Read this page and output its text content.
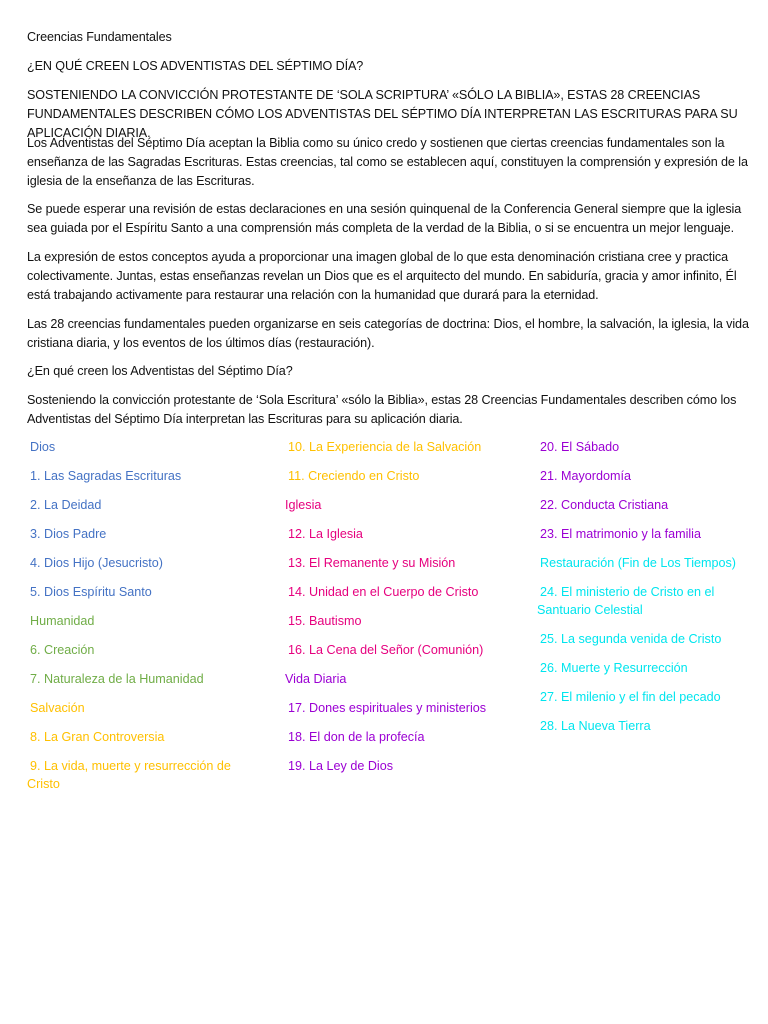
Creencias Fundamentales

¿EN QUÉ CREEN LOS ADVENTISTAS DEL SÉPTIMO DÍA?

SOSTENIENDO LA CONVICCIÓN PROTESTANTE DE ‘SOLA SCRIPTURA’ «SÓLO LA BIBLIA», ESTAS 28 CREENCIAS FUNDAMENTALES DESCRIBEN CÓMO LOS ADVENTISTAS DEL SÉPTIMO DÍA INTERPRETAN LAS ESCRITURAS PARA SU APLICACIÓN DIARIA.

Los Adventistas del Séptimo Día aceptan la Biblia como su único credo y sostienen que ciertas creencias fundamentales son la enseñanza de las Sagradas Escrituras. Estas creencias, tal como se establecen aquí, constituyen la comprensión y expresión de la iglesia de la enseñanza de las Escrituras.

Se puede esperar una revisión de estas declaraciones en una sesión quinquenal de la Conferencia General siempre que la iglesia sea guiada por el Espíritu Santo a una comprensión más completa de la verdad de la Biblia, o si se encuentra un mejor lenguaje.

La expresión de estos conceptos ayuda a proporcionar una imagen global de lo que esta denominación cristiana cree y practica colectivamente. Juntas, estas enseñanzas revelan un Dios que es el arquitecto del mundo. En sabiduría, gracia y amor infinito, Él está trabajando activamente para restaurar una relación con la humanidad que durará para la eternidad.

Las 28 creencias fundamentales pueden organizarse en seis categorías de doctrina: Dios, el hombre, la salvación, la iglesia, la vida cristiana diaria, y los eventos de los últimos días (restauración).

¿En qué creen los Adventistas del Séptimo Día?

Sosteniendo la convicción protestante de ‘Sola Escritura’ «sólo la Biblia», estas 28 Creencias Fundamentales describen cómo los Adventistas del Séptimo Día interpretan las Escrituras para su aplicación diaria.

Dios
1. Las Sagradas Escrituras
2. La Deidad
3. Dios Padre
4. Dios Hijo (Jesucristo)
5. Dios Espíritu Santo
Humanidad
6. Creación
7. Naturaleza de la Humanidad
Salvación
8. La Gran Controversia
9. La vida, muerte y resurrección de Cristo
10. La Experiencia de la Salvación
11. Creciendo en Cristo
Iglesia
12. La Iglesia
13. El Remanente y su Misión
14. Unidad en el Cuerpo de Cristo
15. Bautismo
16. La Cena del Señor (Comunión)
Vida Diaria
17. Dones espirituales y ministerios
18. El don de la profecía
19. La Ley de Dios
20. El Sábado
21. Mayordomía
22. Conducta Cristiana
23. El matrimonio y la familia
Restauración (Fin de Los Tiempos)
24. El ministerio de Cristo en el Santuario Celestial
25. La segunda venida de Cristo
26. Muerte y Resurrección
27. El milenio y el fin del pecado
28. La Nueva Tierra
